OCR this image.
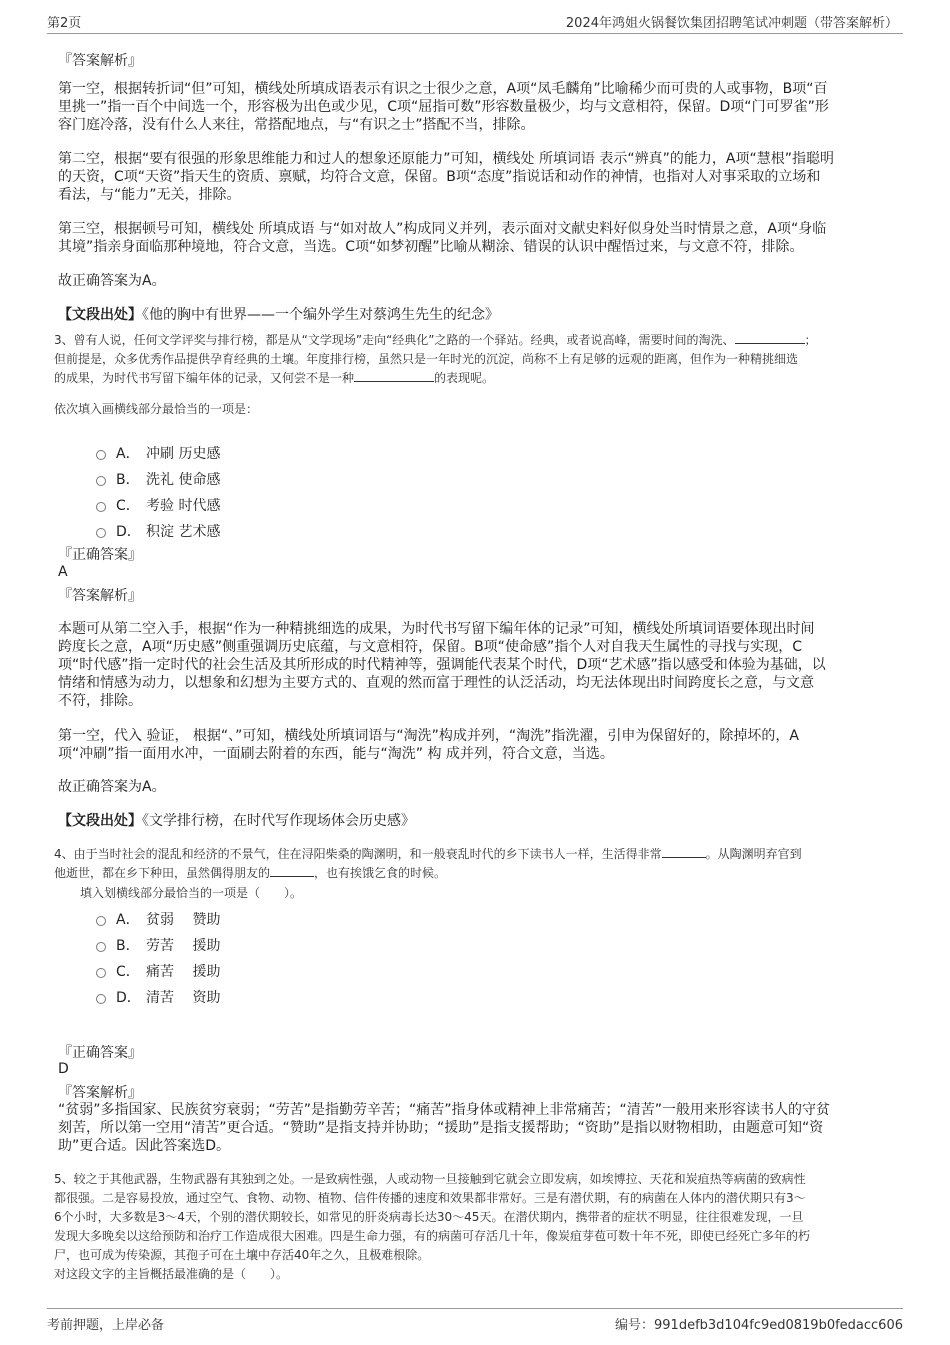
第2页	2024年鸿姐火锅餐饮集团招聘笔试冲刺题（带答案解析）
『答案解析』
第一空，根据转折词“但”可知，横线处所填成语表示有识之士很少之意，A项“凤毛麟角”比喻稀少而可贵的人或事物，B项“百
里挑一”指一百个中间选一个，形容极为出色或少见，C项“屈指可数”形容数量极少，均与文意相符，保留。D项“门可罗雀”形
容门庭冷落，没有什么人来往，常搭配地点，与“有识之士”搭配不当，排除。
第二空，根据“要有很强的形象思维能力和过人的想象还原能力”可知，横线处 所填词语 表示“辨真”的能力，A项“慧根”指聪明
的天资，C项“天资”指天生的资质、禀赋，均符合文意，保留。B项“态度”指说话和动作的神情，也指对人对事采取的立场和
看法，与“能力”无关，排除。
第三空，根据顿号可知，横线处 所填成语 与“如对故人”构成同义并列，表示面对文献史料好似身处当时情景之意，A项“身临
其境”指亲身面临那种境地，符合文意，当选。C项“如梦初醒”比喻从糊涂、错误的认识中醒悟过来，与文意不符，排除。
故正确答案为A。
【文段出处】《他的胸中有世界——一个编外学生对蔡鸿生先生的纪念》
3、曾有人说，任何文学评奖与排行榜，都是从“文学现场”走向“经典化”之路的一个驿站。经典，或者说高峰，需要时间的淘洗、	；
但前提是，众多优秀作品提供孕育经典的土壤。年度排行榜，虽然只是一年时光的沉淀，尚称不上有足够的远观的距离，但作为一种精挑细选
的成果，为时代书写留下编年体的记录，又何尝不是一种	的表现呢。
依次填入画横线部分最恰当的一项是：
A． 冲刷 历史感
B． 洗礼 使命感
C． 考验 时代感
D． 积淀 艺术感
『正确答案』
A
『答案解析』
本题可从第二空入手，根据“作为一种精挑细选的成果，为时代书写留下编年体的记录”可知，横线处所填词语要体现出时间
跨度长之意，A项“历史感”侧重强调历史底蕴，与文意相符，保留。B项“使命感”指个人对自我天生属性的寻找与实现，C
项“时代感”指一定时代的社会生活及其所形成的时代精神等，强调能代表某个时代，D项“艺术感”指以感受和体验为基础，以
情绪和情感为动力，以想象和幻想为主要方式的、直观的然而富于理性的认泛活动，均无法体现出时间跨度长之意，与文意
不符，排除。
第一空，代入 验证， 根据“、”可知，横线处所填词语与“淘洗”构成并列，“淘洗”指洗濯，引申为保留好的，除掉坏的，A
项“冲刷”指一面用水冲，一面刷去附着的东西，能与“淘洗” 构 成并列，符合文意，当选。
故正确答案为A。
【文段出处】《文学排行榜，在时代写作现场体会历史感》
4、由于当时社会的混乱和经济的不景气，住在浔阳柴桑的陶渊明，和一般衰乱时代的乡下读书人一样，生活得非常	。从陶渊明弃官到
他逝世，都在乡下种田，虽然偶得朋友的	，也有挨饿乞食的时候。
填入划横线部分最恰当的一项是（　　）。
A． 贫弱　 赞助
B． 劳苦　 援助
C． 痛苦　 援助
D． 清苦　 资助
『正确答案』
D
『答案解析』
“贫弱”多指国家、民族贫穷衰弱；“劳苦”是指勤劳辛苦；“痛苦”指身体或精神上非常痛苦；“清苦”一般用来形容读书人的守贫
刻苦，所以第一空用“清苦”更合适。“赞助”是指支持并协助；“援助”是指支援帮助；“资助”是指以财物相助，由题意可知“资
助”更合适。因此答案选D。
5、较之于其他武器，生物武器有其独到之处。一是致病性强，人或动物一旦接触到它就会立即发病，如埃博拉、天花和炭疽热等病菌的致病性
都很强。二是容易投放，通过空气、食物、动物、植物、信件传播的速度和效果都非常好。三是有潜伏期，有的病菌在人体内的潜伏期只有3～
6个小时，大多数是3～4天，个别的潜伏期较长，如常见的肝炎病毒长达30～45天。在潜伏期内，携带者的症状不明显，往往很难发现，一旦
发现大多晚矣以这给预防和治疗工作造成很大困难。四是生命力强，有的病菌可存活几十年，像炭疽芽苞可数十年不死，即使已经死亡多年的朽
尸，也可成为传染源，其孢子可在土壤中存活40年之久，且极难根除。
对这段文字的主旨概括最准确的是（　　）。
考前押题，上岸必备	编号：991defb3d104fc9ed0819b0fedacc606
